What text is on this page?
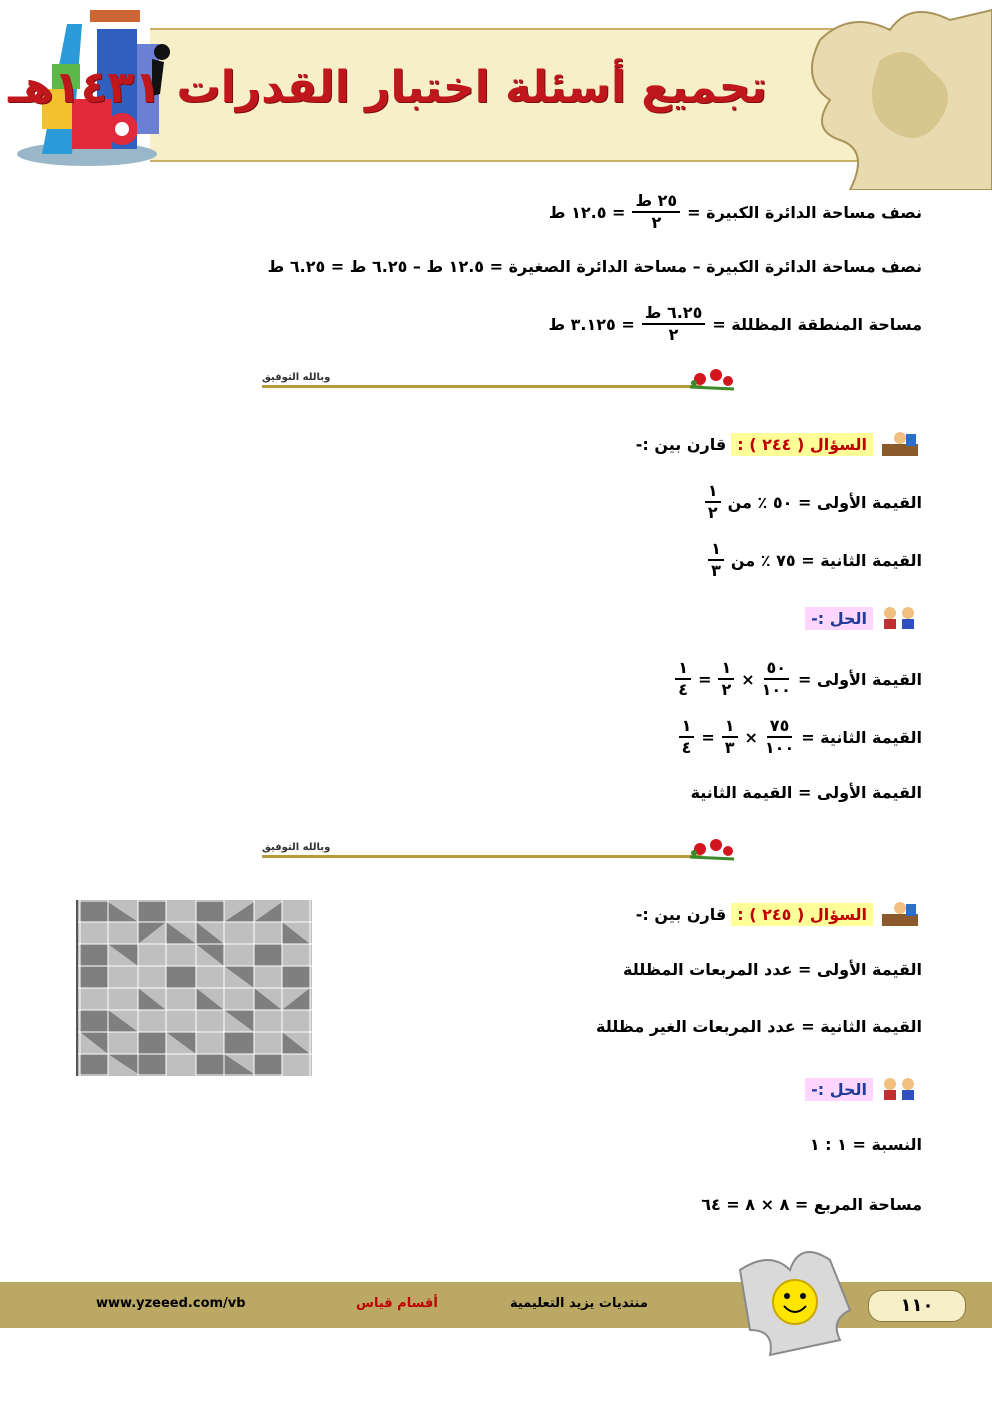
تجميع أسئلة اختبار القدرات ١٤٣١هـ
نصف مساحة الدائرة الكبيرة =
$\frac{\text{٢٥ ط}}{٢}$
= ١٢.٥ ط
نصف مساحة الدائرة الكبيرة – مساحة الدائرة الصغيرة = ١٢.٥ ط – ٦.٢٥ ط = ٦.٢٥ ط
مساحة المنطقة المظللة =
$\frac{\text{٦.٢٥ ط}}{٢}$
= ٣.١٢٥ ط
وبالله التوفيق
السؤال ( ٢٤٤ ) :
قارن بين :-
القيمة الأولى = ٥٠ ٪ من
$\frac{١}{٢}$
القيمة الثانية = ٧٥ ٪ من
$\frac{١}{٣}$
الحل :-
القيمة الأولى =
$\frac{٥٠}{١٠٠}$
×
$\frac{١}{٢}$
=
$\frac{١}{٤}$
القيمة الثانية =
$\frac{٧٥}{١٠٠}$
×
$\frac{١}{٣}$
=
$\frac{١}{٤}$
القيمة الأولى = القيمة الثانية
وبالله التوفيق
السؤال ( ٢٤٥ ) :
قارن بين :-
القيمة الأولى = عدد المربعات المظللة
القيمة الثانية = عدد المربعات الغير مظللة
الحل :-
النسبة = ١ : ١
مساحة المربع = ٨ × ٨ = ٦٤
www.yzeeed.com/vb	أقسام قياس	منتديات يزيد التعليمية	١١٠
